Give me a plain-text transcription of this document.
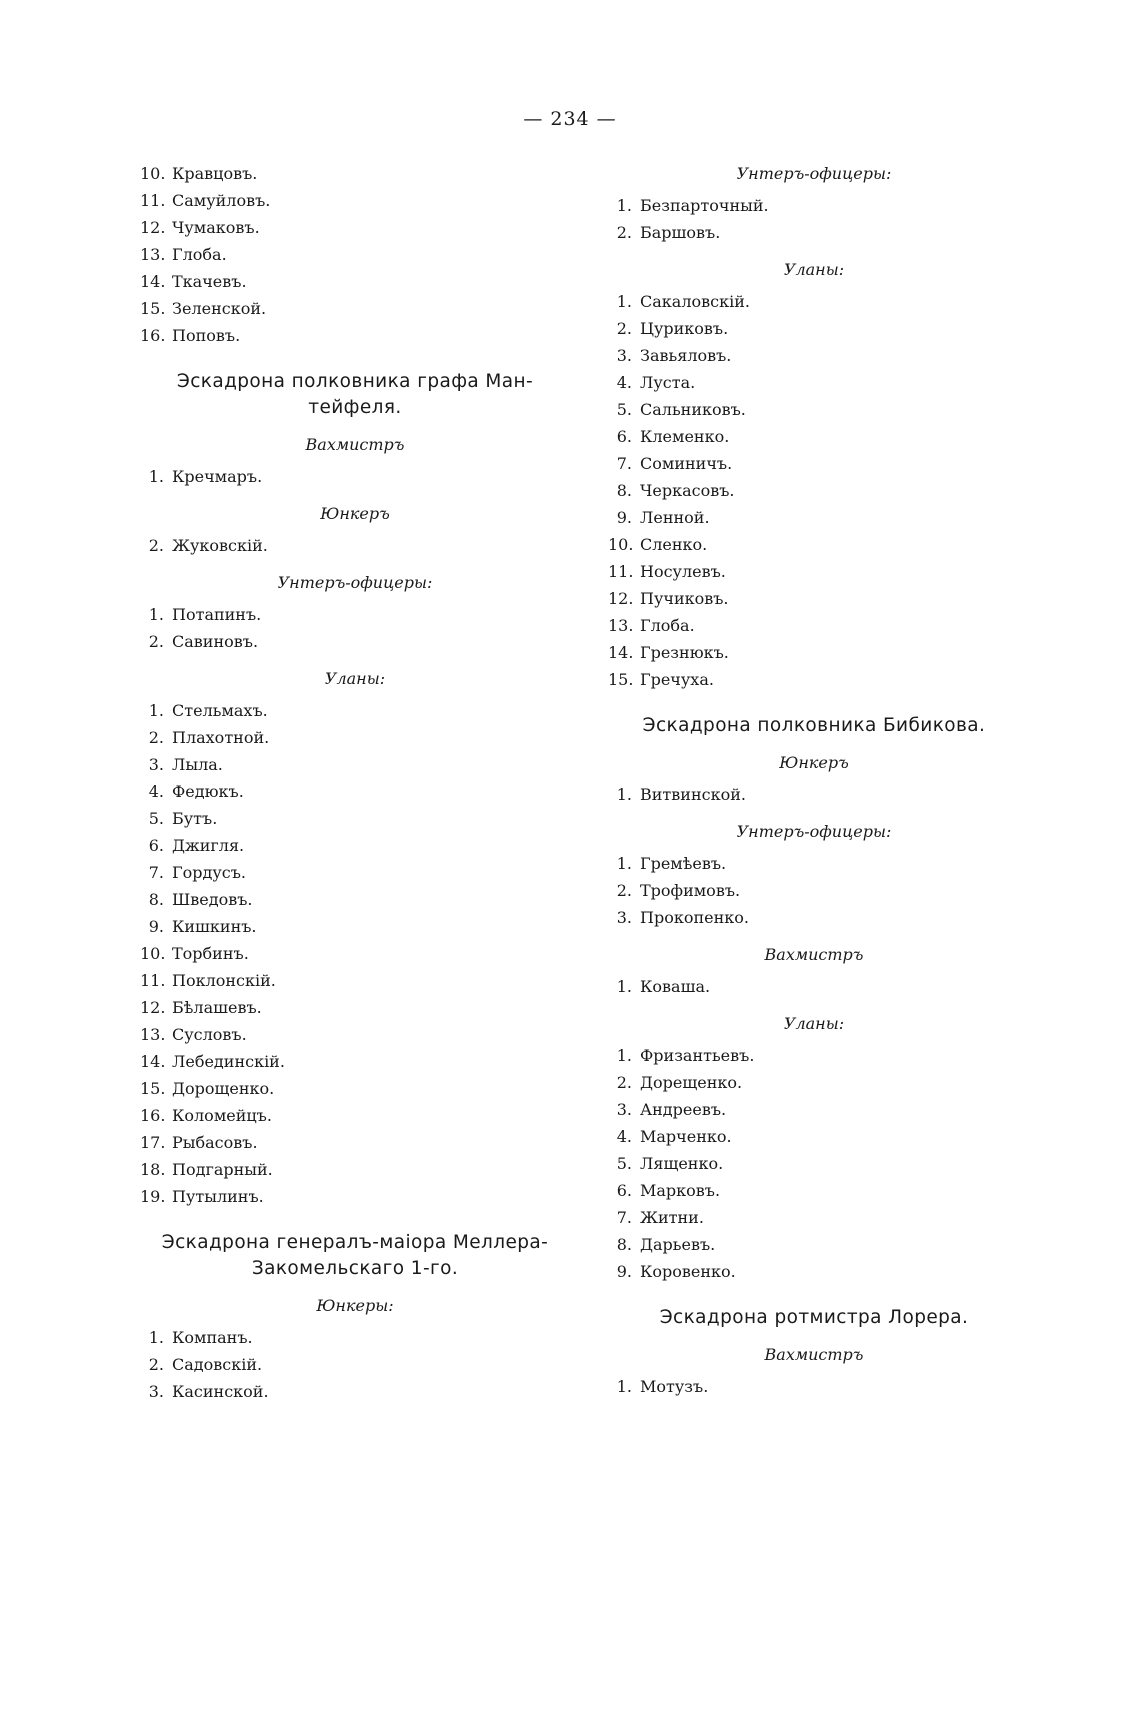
— 234 —
10. Кравцовъ.
11. Самуйловъ.
12. Чумаковъ.
13. Глоба.
14. Ткачевъ.
15. Зеленской.
16. Поповъ.
Эскадрона полковника графа Ман-
тейфеля.
Вахмистръ
1. Кречмаръ.
Юнкеръ
2. Жуковскій.
Унтеръ-офицеры:
1. Потапинъ.
2. Савиновъ.
Уланы:
1. Стельмахъ.
2. Плахотной.
3. Лыла.
4. Федюкъ.
5. Бутъ.
6. Джигля.
7. Гордусъ.
8. Шведовъ.
9. Кишкинъ.
10. Торбинъ.
11. Поклонскій.
12. Бѣлашевъ.
13. Сусловъ.
14. Лебединскій.
15. Дорощенко.
16. Коломейцъ.
17. Рыбасовъ.
18. Подгарный.
19. Путылинъ.
Эскадрона генералъ-маіора Меллера-
Закомельскаго 1-го.
Юнкеры:
1. Компанъ.
2. Садовскій.
3. Касинской.
Унтеръ-офицеры:
1. Безпарточный.
2. Баршовъ.
Уланы:
1. Сакаловскій.
2. Цуриковъ.
3. Завьяловъ.
4. Луста.
5. Сальниковъ.
6. Клеменко.
7. Соминичъ.
8. Черкасовъ.
9. Ленной.
10. Сленко.
11. Носулевъ.
12. Пучиковъ.
13. Глоба.
14. Грезнюкъ.
15. Гречуха.
Эскадрона полковника Бибикова.
Юнкеръ
1. Витвинской.
Унтеръ-офицеры:
1. Гремѣевъ.
2. Трофимовъ.
3. Прокопенко.
Вахмистръ
1. Коваша.
Уланы:
1. Фризантьевъ.
2. Дорещенко.
3. Андреевъ.
4. Марченко.
5. Лященко.
6. Марковъ.
7. Житни.
8. Дарьевъ.
9. Коровенко.
Эскадрона ротмистра Лорера.
Вахмистръ
1. Мотузъ.
